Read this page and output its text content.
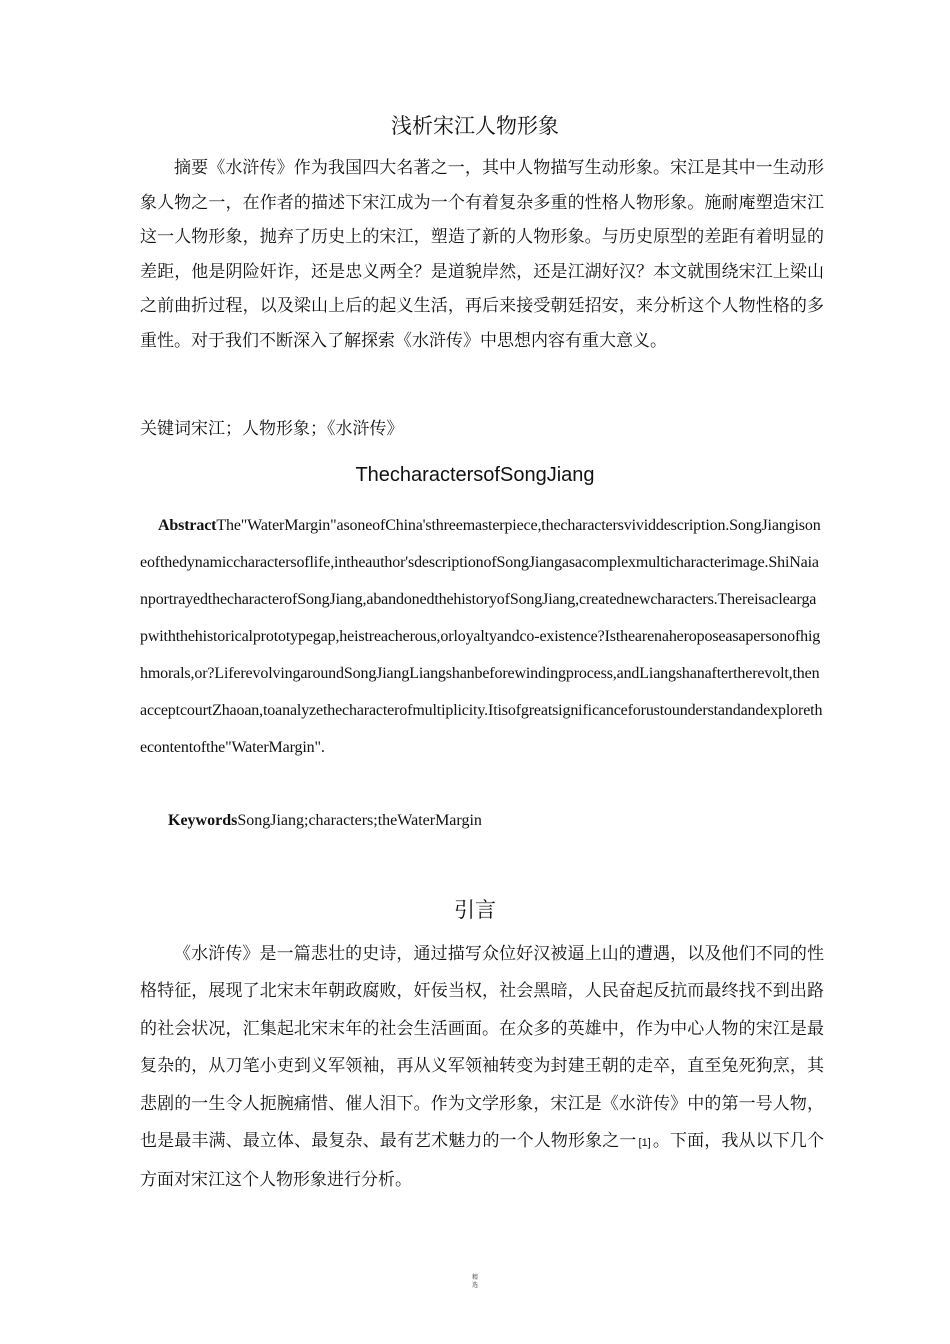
浅析宋江人物形象

摘要《水浒传》作为我国四大名著之一，其中人物描写生动形象。宋江是其中一生动形象人物之一，在作者的描述下宋江成为一个有着复杂多重的性格人物形象。施耐庵塑造宋江这一人物形象，抛弃了历史上的宋江，塑造了新的人物形象。与历史原型的差距有着明显的差距，他是阴险奸诈，还是忠义两全？是道貌岸然，还是江湖好汉？本文就围绕宋江上梁山之前曲折过程，以及梁山上后的起义生活，再后来接受朝廷招安，来分析这个人物性格的多重性。对于我们不断深入了解探索《水浒传》中思想内容有重大意义。

关键词宋江；人物形象；《水浒传》

ThecharactersofSongJiang

AbstractThe"WaterMargin"asoneofChina'sthreemasterpiece,thecharactersvividdescription.SongJiangisoneofthedynamiccharactersoflife,intheauthor'sdescriptionofSongJiangasacomplexmulticharacterimage.ShiNaianportrayedthecharacterofSongJiang,abandonedthehistoryofSongJiang,creatednewcharacters.Thereisacleargapwiththehistoricalprototypegap,heistreacherous,orloyaltyandco-existence?Isthearenaheroposeasapersonofhighmorals,or?LiferevolvingaroundSongJiangLiangshanbeforewindingprocess,andLiangshanaftertherevolt,thenacceptcourtZhaoan,toanalyzethecharacterofmultiplicity.Itisofgreatsignificanceforustounderstandandexplorethecontentofthe"WaterMargin".

KeywordsSongJiang;characters;theWaterMargin

引言

《水浒传》是一篇悲壮的史诗，通过描写众位好汉被逼上山的遭遇，以及他们不同的性格特征，展现了北宋末年朝政腐败，奸佞当权，社会黑暗，人民奋起反抗而最终找不到出路的社会状况，汇集起北宋末年的社会生活画面。在众多的英雄中，作为中心人物的宋江是最复杂的，从刀笔小吏到义军领袖，再从义军领袖转变为封建王朝的走卒，直至兔死狗烹，其悲剧的一生令人扼腕痛惜、催人泪下。作为文学形象，宋江是《水浒传》中的第一号人物，也是最丰满、最立体、最复杂、最有艺术魅力的一个人物形象之一 [1] 。下面，我从以下几个方面对宋江这个人物形象进行分析。

精
选
